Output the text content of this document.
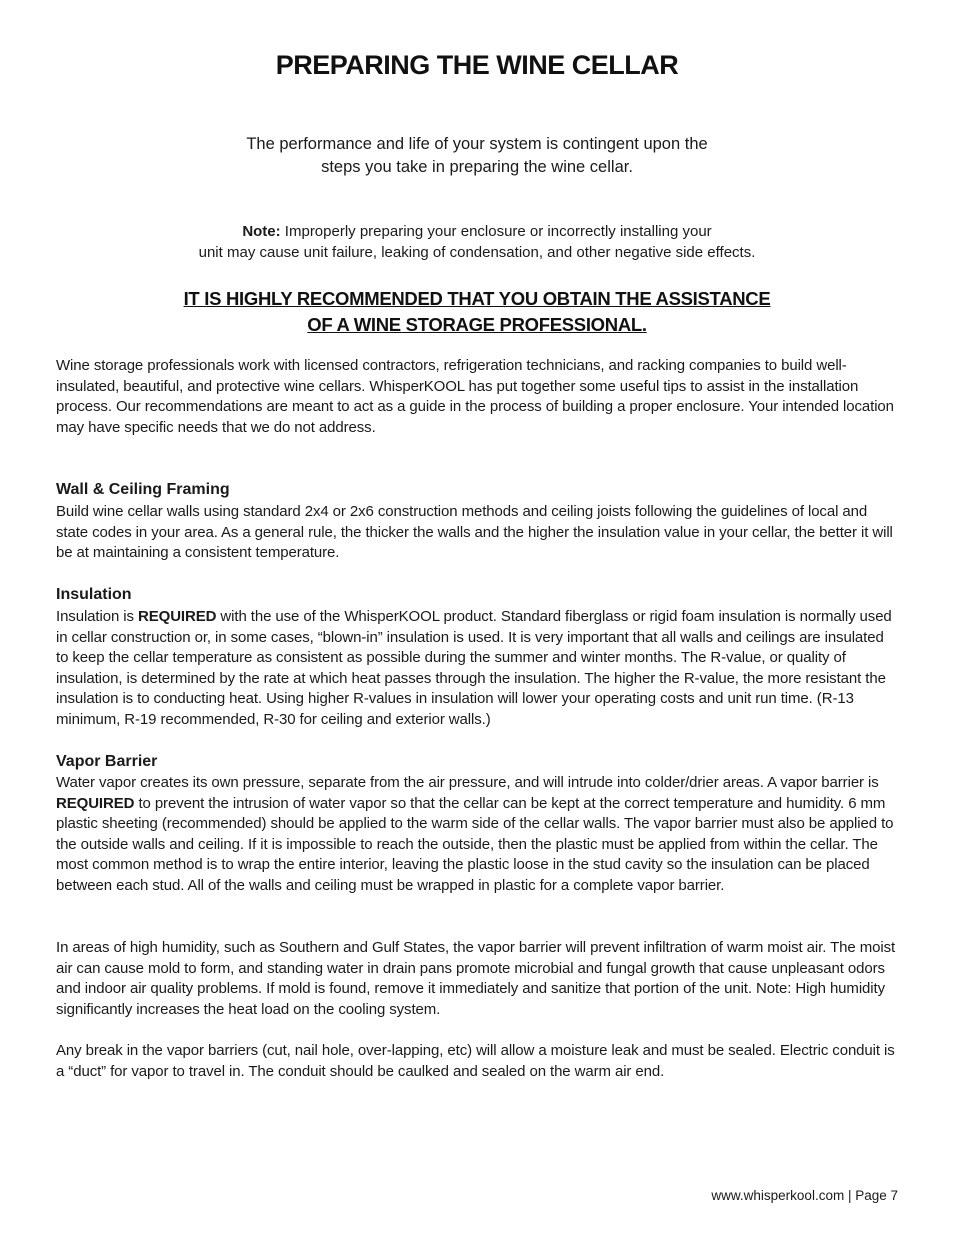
PREPARING THE WINE CELLAR

The performance and life of your system is contingent upon the
steps you take in preparing the wine cellar.

Note: Improperly preparing your enclosure or incorrectly installing your
unit may cause unit failure, leaking of condensation, and other negative side effects.

IT IS HIGHLY RECOMMENDED THAT YOU OBTAIN THE ASSISTANCE
OF A WINE STORAGE PROFESSIONAL.

Wine storage professionals work with licensed contractors, refrigeration technicians, and racking companies to build well-insulated, beautiful, and protective wine cellars. WhisperKOOL has put together some useful tips to assist in the installation process. Our recommendations are meant to act as a guide in the process of building a proper enclosure. Your intended location may have specific needs that we do not address.

Wall & Ceiling Framing

Build wine cellar walls using standard 2x4 or 2x6 construction methods and ceiling joists following the guidelines of local and state codes in your area. As a general rule, the thicker the walls and the higher the insulation value in your cellar, the better it will be at maintaining a consistent temperature.

Insulation

Insulation is REQUIRED with the use of the WhisperKOOL product. Standard fiberglass or rigid foam insulation is normally used in cellar construction or, in some cases, “blown-in” insulation is used. It is very important that all walls and ceilings are insulated to keep the cellar temperature as consistent as possible during the summer and winter months. The R-value, or quality of insulation, is determined by the rate at which heat passes through the insulation. The higher the R-value, the more resistant the insulation is to conducting heat. Using higher R-values in insulation will lower your operating costs and unit run time. (R-13 minimum, R-19 recommended, R-30 for ceiling and exterior walls.)

Vapor Barrier

Water vapor creates its own pressure, separate from the air pressure, and will intrude into colder/drier areas. A vapor barrier is REQUIRED to prevent the intrusion of water vapor so that the cellar can be kept at the correct temperature and humidity. 6 mm plastic sheeting (recommended) should be applied to the warm side of the cellar walls. The vapor barrier must also be applied to the outside walls and ceiling. If it is impossible to reach the outside, then the plastic must be applied from within the cellar. The most common method is to wrap the entire interior, leaving the plastic loose in the stud cavity so the insulation can be placed between each stud. All of the walls and ceiling must be wrapped in plastic for a complete vapor barrier.

In areas of high humidity, such as Southern and Gulf States, the vapor barrier will prevent infiltration of warm moist air. The moist air can cause mold to form, and standing water in drain pans promote microbial and fungal growth that cause unpleasant odors and indoor air quality problems. If mold is found, remove it immediately and sanitize that portion of the unit. Note: High humidity significantly increases the heat load on the cooling system.

Any break in the vapor barriers (cut, nail hole, over-lapping, etc) will allow a moisture leak and must be sealed. Electric conduit is a “duct” for vapor to travel in. The conduit should be caulked and sealed on the warm air end.

www.whisperkool.com | Page 7
